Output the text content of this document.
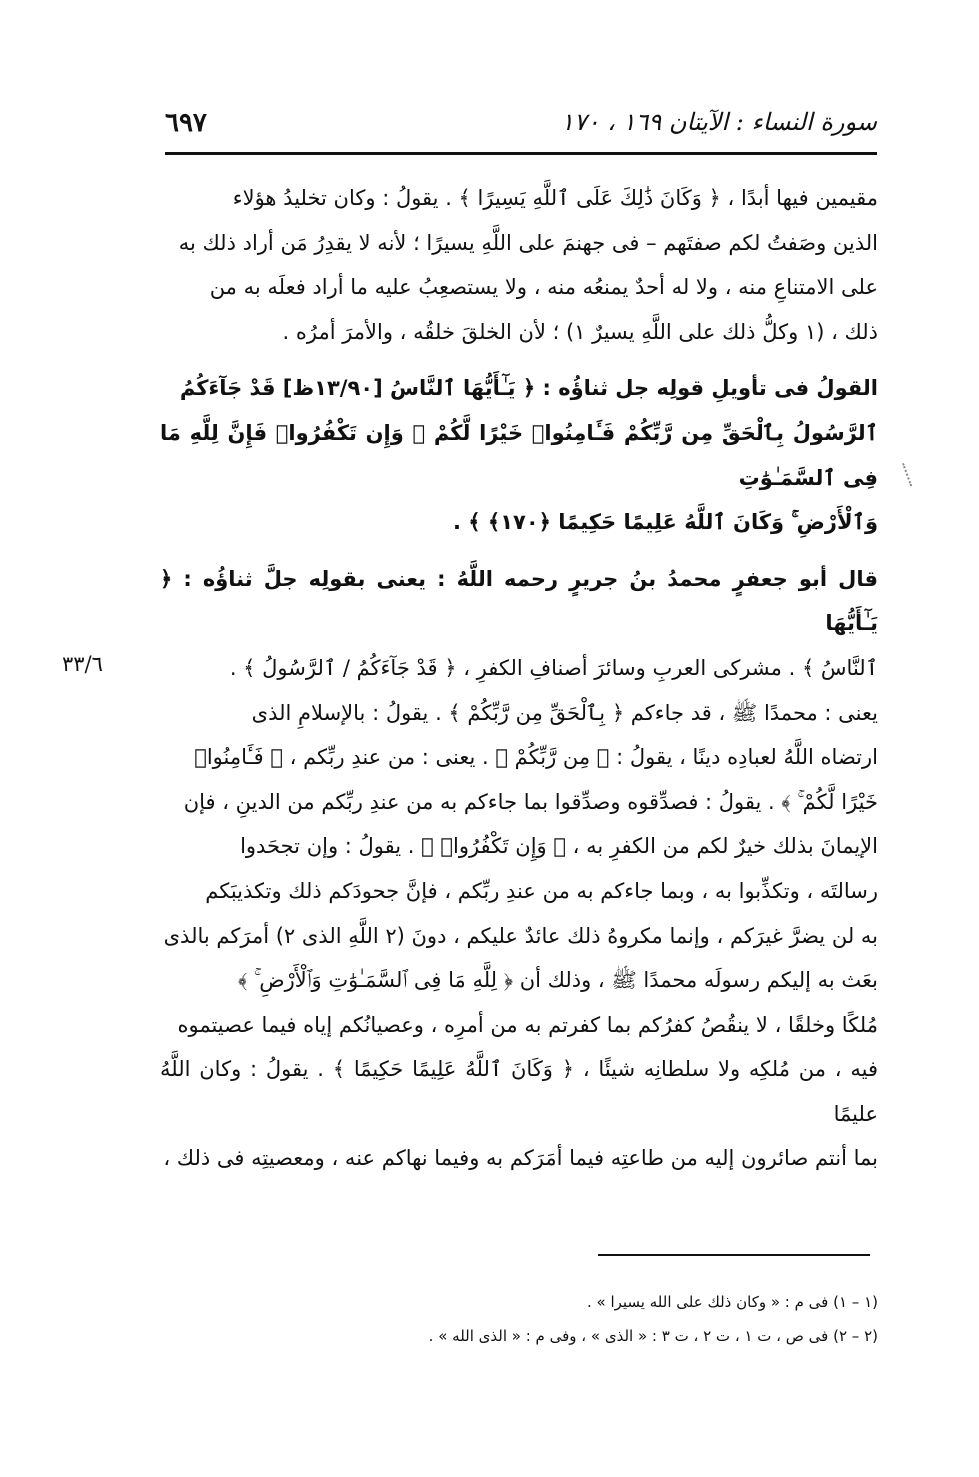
سورة النساء : الآيتان ١٦٩ ، ١٧٠
٦٩٧
٣٣/٦
مقيمين فيها أبدًا ، ﴿ وَكَانَ ذَٰلِكَ عَلَى ٱللَّهِ يَسِيرًا ﴾ . يقولُ : وكان تخليدُ هؤلاء
الذين وصَفتُ لكم صفتَهم – فى جهنمَ على اللَّهِ يسيرًا ؛ لأنه لا يقدِرُ مَن أراد ذلك به
على الامتناعِ منه ، ولا له أحدٌ يمنعُه منه ، ولا يستصعِبُ عليه ما أراد فعلَه به من
ذلك ، (١ وكلُّ ذلك على اللَّهِ يسيرٌ ١) ؛ لأن الخلقَ خلقُه ، والأمرَ أمرُه .
القولُ فى تأويلِ قولِه جل ثناؤُه : ﴿ يَـٰٓأَيُّهَا ٱلنَّاسُ [١٣/٩٠ظ] قَدْ جَآءَكُمُ
ٱلرَّسُولُ بِٱلْحَقِّ مِن رَّبِّكُمْ فَـَٔامِنُوا۟ خَيْرًا لَّكُمْ ۚ وَإِن تَكْفُرُوا۟ فَإِنَّ لِلَّهِ مَا فِى ٱلسَّمَـٰوَٰتِ
وَٱلْأَرْضِ ۚ وَكَانَ ٱللَّهُ عَلِيمًا حَكِيمًا ﴿١٧٠﴾ ﴾ .
قال أبو جعفرٍ محمدُ بنُ جريرٍ رحمه اللَّهُ : يعنى بقولِه جلَّ ثناؤُه : ﴿ يَـٰٓأَيُّهَا
ٱلنَّاسُ ﴾ . مشركى العربِ وسائرَ أصنافِ الكفرِ ، ﴿ قَدْ جَآءَكُمُ / ٱلرَّسُولُ ﴾ .
يعنى : محمدًا ﷺ ، قد جاءكم ﴿ بِٱلْحَقِّ مِن رَّبِّكُمْ ﴾ . يقولُ : بالإسلامِ الذى
ارتضاه اللَّهُ لعبادِه دينًا ، يقولُ : ﴿ مِن رَّبِّكُمْ ﴾ . يعنى : من عندِ ربِّكم ، ﴿ فَـَٔامِنُوا۟
خَيْرًا لَّكُمْ ۚ ﴾ . يقولُ : فصدِّقوه وصدِّقوا بما جاءكم به من عندِ ربِّكم من الدينِ ، فإن
الإيمانَ بذلك خيرٌ لكم من الكفرِ به ، ﴿ وَإِن تَكْفُرُوا۟ ﴾ . يقولُ : وإن تجحَدوا
رسالتَه ، وتكذِّبوا به ، وبما جاءكم به من عندِ ربِّكم ، فإنَّ جحودَكم ذلك وتكذيبَكم
به لن يضرَّ غيرَكم ، وإنما مكروهُ ذلك عائدٌ عليكم ، دونَ (٢ اللَّهِ الذى ٢) أمرَكم بالذى
بعَث به إليكم رسولَه محمدًا ﷺ ، وذلك أن ﴿ لِلَّهِ مَا فِى ٱلسَّمَـٰوَٰتِ وَٱلْأَرْضِ ۚ ﴾
مُلكًا وخلقًا ، لا ينقُصُ كفرُكم بما كفرتم به من أمرِه ، وعصيانُكم إياه فيما عصيتموه
فيه ، من مُلكِه ولا سلطانِه شيئًا ، ﴿ وَكَانَ ٱللَّهُ عَلِيمًا حَكِيمًا ﴾ . يقولُ : وكان اللَّهُ عليمًا
بما أنتم صائرون إليه من طاعتِه فيما أمَرَكم به وفيما نهاكم عنه ، ومعصيتِه فى ذلك ،
(١ – ١) فى م : « وكان ذلك على الله يسيرا » .
(٢ – ٢) فى ص ، ت ١ ، ت ٢ ، ت ٣ : « الذى » ، وفى م : « الذى الله » .
